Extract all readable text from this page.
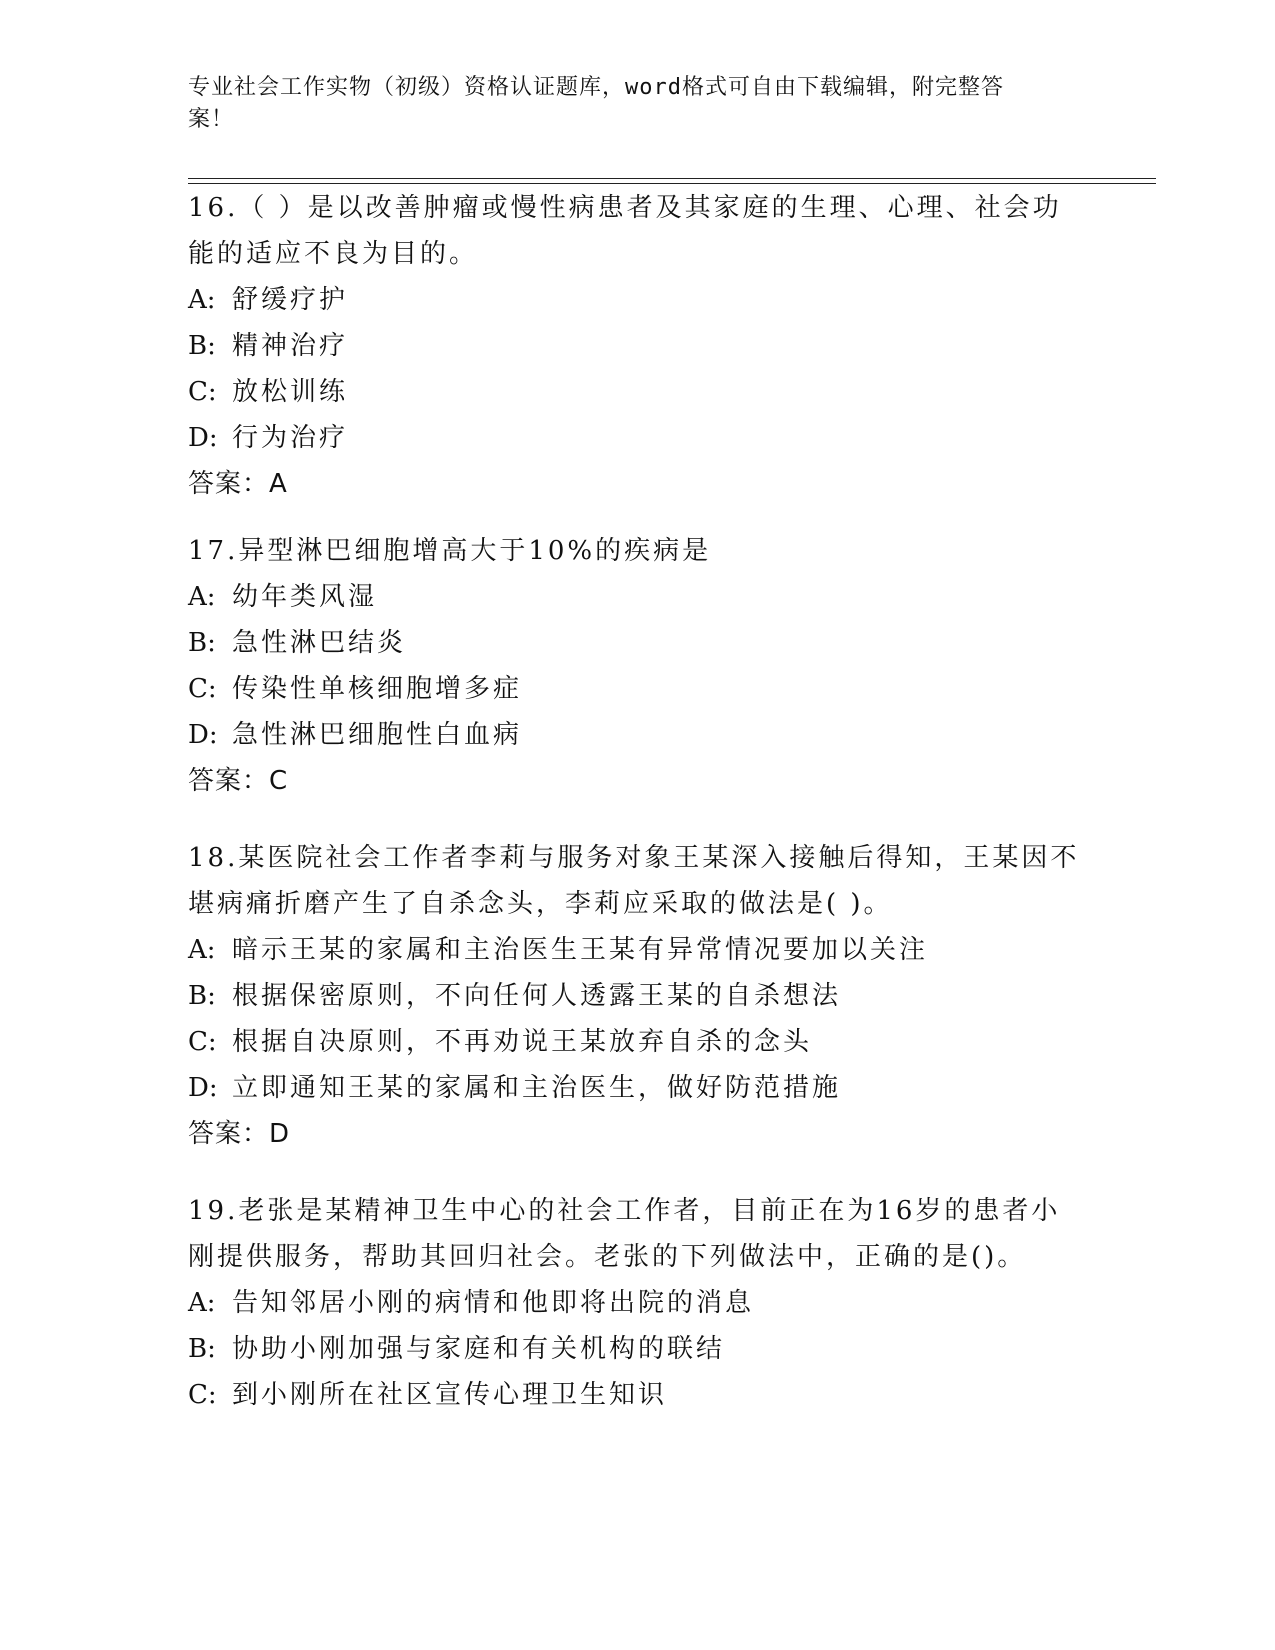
专业社会工作实物（初级）资格认证题库，word格式可自由下载编辑，附完整答
案！

16.（ ）是以改善肿瘤或慢性病患者及其家庭的生理、心理、社会功

能的适应不良为目的。

A: 舒缓疗护

B: 精神治疗

C: 放松训练

D: 行为治疗

答案：A

17.异型淋巴细胞增高大于10%的疾病是

A: 幼年类风湿

B: 急性淋巴结炎

C: 传染性单核细胞增多症

D: 急性淋巴细胞性白血病

答案：C

18.某医院社会工作者李莉与服务对象王某深入接触后得知，王某因不

堪病痛折磨产生了自杀念头，李莉应采取的做法是( )。

A: 暗示王某的家属和主治医生王某有异常情况要加以关注

B: 根据保密原则，不向任何人透露王某的自杀想法

C: 根据自决原则，不再劝说王某放弃自杀的念头

D: 立即通知王某的家属和主治医生，做好防范措施

答案：D

19.老张是某精神卫生中心的社会工作者，目前正在为16岁的患者小

刚提供服务，帮助其回归社会。老张的下列做法中，正确的是()。

A: 告知邻居小刚的病情和他即将出院的消息

B: 协助小刚加强与家庭和有关机构的联结

C: 到小刚所在社区宣传心理卫生知识
